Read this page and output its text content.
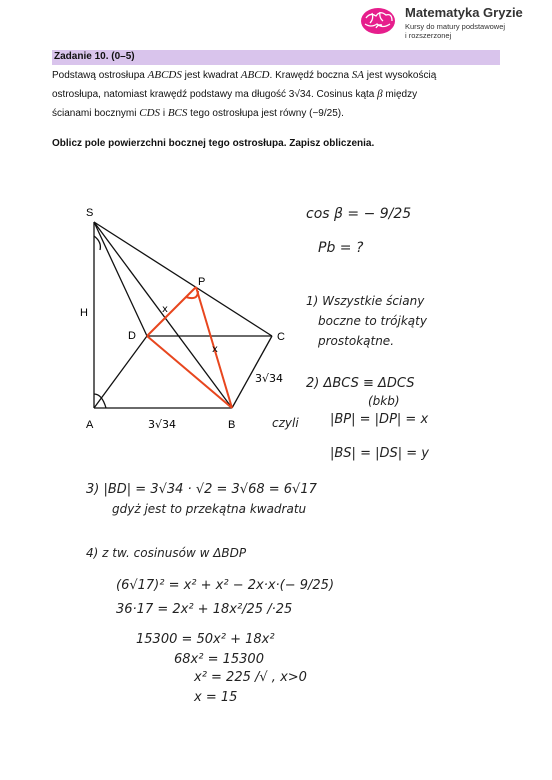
Matematyka Gryzie
Kursy do matury podstawowej
i rozszerzonej
Zadanie 10. (0–5)
Podstawą ostrosłupa ABCDS jest kwadrat ABCD. Krawędź boczna SA jest wysokością
ostrosłupa, natomiast krawędź podstawy ma długość 3√34. Cosinus kąta β między
ścianami bocznymi CDS i BCS tego ostrosłupa jest równy (−9/25).
Oblicz pole powierzchni bocznej tego ostrosłupa. Zapisz obliczenia.
S
A	B
C
D
P
H
3√34
3√34
x
x
cos β = − 9/25
Pb = ?
1) Wszystkie ściany
boczne to trójkąty
prostokątne.
2) ΔBCS ≡ ΔDCS
(bkb)
czyli |BP| = |DP| = x
|BS| = |DS| = y
3) |BD| = 3√34 · √2 = 3√68 = 6√17
gdyż jest to przekątna kwadratu
4) z tw. cosinusów w ΔBDP
(6√17)² = x² + x² − 2x·x·(− 9/25)
36·17 = 2x² + 18x²/25 /·25
15300 = 50x² + 18x²
68x² = 15300
x² = 225 /√ , x>0
x = 15
